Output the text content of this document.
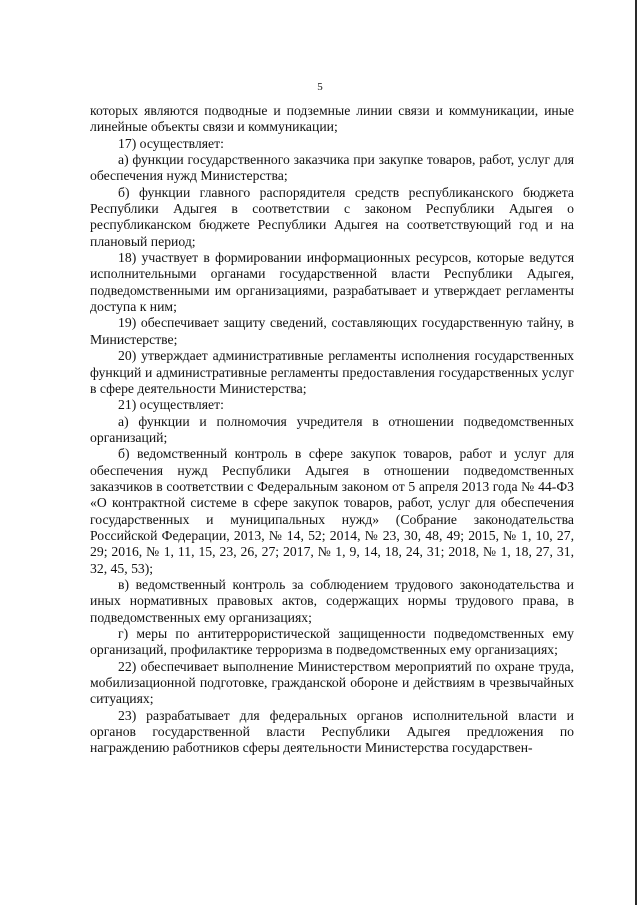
5

которых являются подводные и подземные линии связи и коммуникации, иные линейные объекты связи и коммуникации;

17) осуществляет:

а) функции государственного заказчика при закупке товаров, работ, услуг для обеспечения нужд Министерства;

б) функции главного распорядителя средств республиканского бюджета Республики Адыгея в соответствии с законом Республики Адыгея о республиканском бюджете Республики Адыгея на соответствующий год и на плановый период;

18) участвует в формировании информационных ресурсов, которые ведутся исполнительными органами государственной власти Республики Адыгея, подведомственными им организациями, разрабатывает и утверждает регламенты доступа к ним;

19) обеспечивает защиту сведений, составляющих государственную тайну, в Министерстве;

20) утверждает административные регламенты исполнения государственных функций и административные регламенты предоставления государственных услуг в сфере деятельности Министерства;

21) осуществляет:

а) функции и полномочия учредителя в отношении подведомственных организаций;

б) ведомственный контроль в сфере закупок товаров, работ и услуг для обеспечения нужд Республики Адыгея в отношении подведомственных заказчиков в соответствии с Федеральным законом от 5 апреля 2013 года № 44-ФЗ «О контрактной системе в сфере закупок товаров, работ, услуг для обеспечения государственных и муниципальных нужд» (Собрание законодательства Российской Федерации, 2013, № 14, 52; 2014, № 23, 30, 48, 49; 2015, № 1, 10, 27, 29; 2016, № 1, 11, 15, 23, 26, 27; 2017, № 1, 9, 14, 18, 24, 31; 2018, № 1, 18, 27, 31, 32, 45, 53);

в) ведомственный контроль за соблюдением трудового законодательства и иных нормативных правовых актов, содержащих нормы трудового права, в подведомственных ему организациях;

г) меры по антитеррористической защищенности подведомственных ему организаций, профилактике терроризма в подведомственных ему организациях;

22) обеспечивает выполнение Министерством мероприятий по охране труда, мобилизационной подготовке, гражданской обороне и действиям в чрезвычайных ситуациях;

23) разрабатывает для федеральных органов исполнительной власти и органов государственной власти Республики Адыгея предложения по награждению работников сферы деятельности Министерства государствен-
